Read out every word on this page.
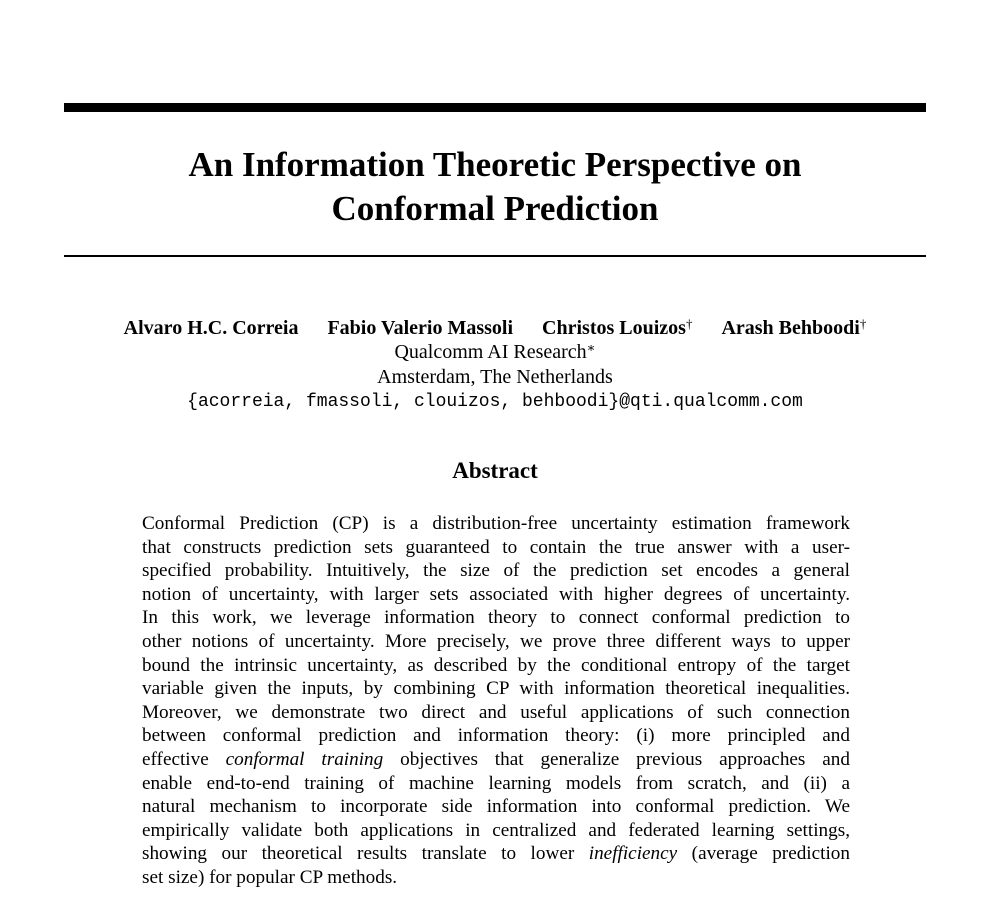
An Information Theoretic Perspective on
Conformal Prediction
Alvaro H.C. Correia Fabio Valerio Massoli Christos Louizos† Arash Behboodi†
Qualcomm AI Research∗
Amsterdam, The Netherlands
{acorreia, fmassoli, clouizos, behboodi}@qti.qualcomm.com
Abstract
Conformal Prediction (CP) is a distribution-free uncertainty estimation framework
that constructs prediction sets guaranteed to contain the true answer with a user-
specified probability. Intuitively, the size of the prediction set encodes a general
notion of uncertainty, with larger sets associated with higher degrees of uncertainty.
In this work, we leverage information theory to connect conformal prediction to
other notions of uncertainty. More precisely, we prove three different ways to upper
bound the intrinsic uncertainty, as described by the conditional entropy of the target
variable given the inputs, by combining CP with information theoretical inequalities.
Moreover, we demonstrate two direct and useful applications of such connection
between conformal prediction and information theory: (i) more principled and
effective conformal training objectives that generalize previous approaches and
enable end-to-end training of machine learning models from scratch, and (ii) a
natural mechanism to incorporate side information into conformal prediction. We
empirically validate both applications in centralized and federated learning settings,
showing our theoretical results translate to lower inefficiency (average prediction
set size) for popular CP methods.
